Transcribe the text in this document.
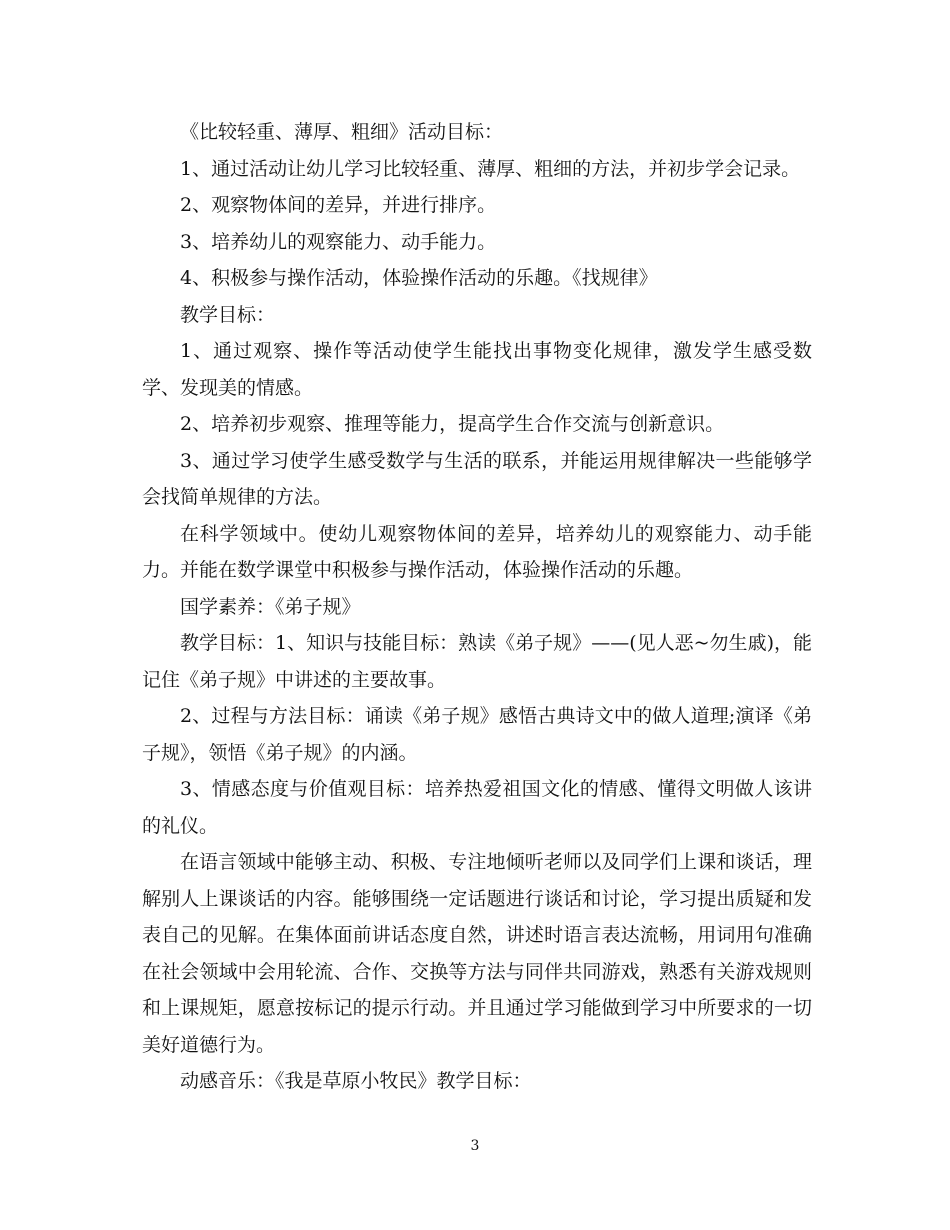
《比较轻重、薄厚、粗细》活动目标：

1、通过活动让幼儿学习比较轻重、薄厚、粗细的方法，并初步学会记录。

2、观察物体间的差异，并进行排序。

3、培养幼儿的观察能力、动手能力。

4、积极参与操作活动，体验操作活动的乐趣。《找规律》

教学目标：

1、通过观察、操作等活动使学生能找出事物变化规律，激发学生感受数学、发现美的情感。

2、培养初步观察、推理等能力，提高学生合作交流与创新意识。

3、通过学习使学生感受数学与生活的联系，并能运用规律解决一些能够学会找简单规律的方法。

在科学领域中。使幼儿观察物体间的差异，培养幼儿的观察能力、动手能力。并能在数学课堂中积极参与操作活动，体验操作活动的乐趣。

国学素养：《弟子规》

教学目标：1、知识与技能目标：熟读《弟子规》——(见人恶~勿生戚)，能记住《弟子规》中讲述的主要故事。

2、过程与方法目标：诵读《弟子规》感悟古典诗文中的做人道理;演译《弟子规》，领悟《弟子规》的内涵。

3、情感态度与价值观目标：培养热爱祖国文化的情感、懂得文明做人该讲的礼仪。

在语言领域中能够主动、积极、专注地倾听老师以及同学们上课和谈话，理解别人上课谈话的内容。能够围绕一定话题进行谈话和讨论，学习提出质疑和发表自己的见解。在集体面前讲话态度自然，讲述时语言表达流畅，用词用句准确在社会领域中会用轮流、合作、交换等方法与同伴共同游戏，熟悉有关游戏规则和上课规矩，愿意按标记的提示行动。并且通过学习能做到学习中所要求的一切美好道德行为。

动感音乐：《我是草原小牧民》教学目标：

3
